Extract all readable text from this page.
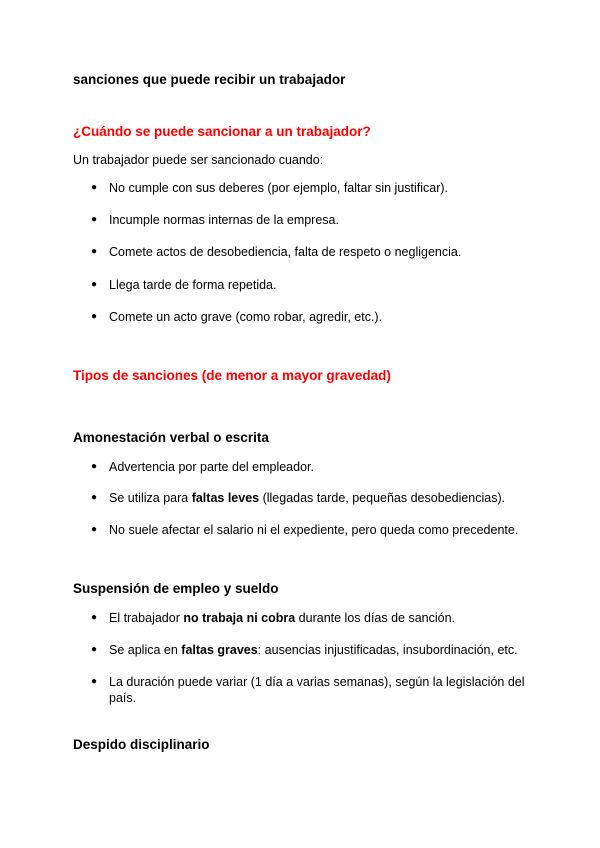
sanciones que puede recibir un trabajador
¿Cuándo se puede sancionar a un trabajador?

Un trabajador puede ser sancionado cuando:

● No cumple con sus deberes (por ejemplo, faltar sin justificar).
● Incumple normas internas de la empresa.
● Comete actos de desobediencia, falta de respeto o negligencia.
● Llega tarde de forma repetida.
● Comete un acto grave (como robar, agredir, etc.).
Tipos de sanciones (de menor a mayor gravedad)
Amonestación verbal o escrita
● Advertencia por parte del empleador.
● Se utiliza para faltas leves (llegadas tarde, pequeñas desobediencias).
● No suele afectar el salario ni el expediente, pero queda como precedente.
Suspensión de empleo y sueldo
● El trabajador no trabaja ni cobra durante los días de sanción.
● Se aplica en faltas graves: ausencias injustificadas, insubordinación, etc.
● La duración puede variar (1 día a varias semanas), según la legislación del país.
Despido disciplinario
